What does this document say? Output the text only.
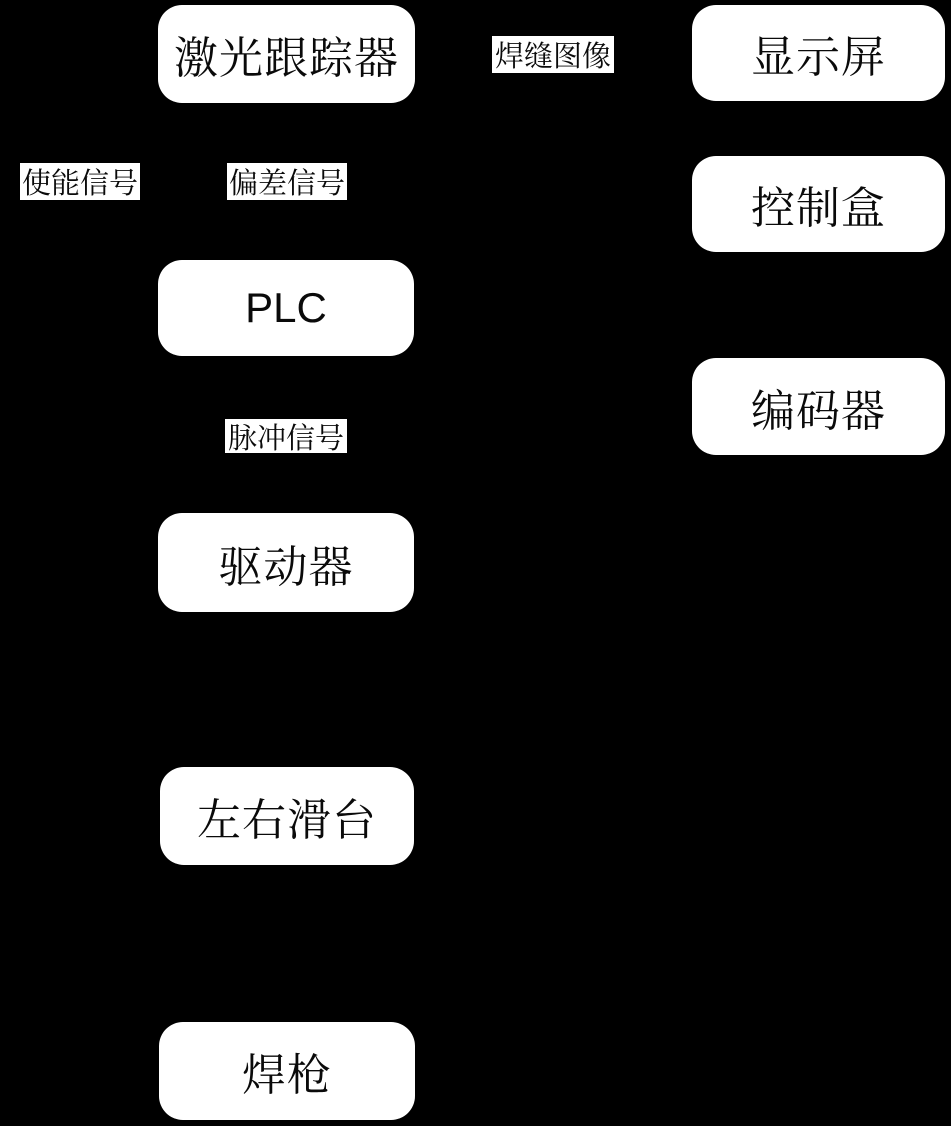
激光跟踪器
PLC
驱动器
左右滑台
焊枪
显示屏
控制盒
编码器
焊缝图像
使能信号	偏差信号
脉冲信号
